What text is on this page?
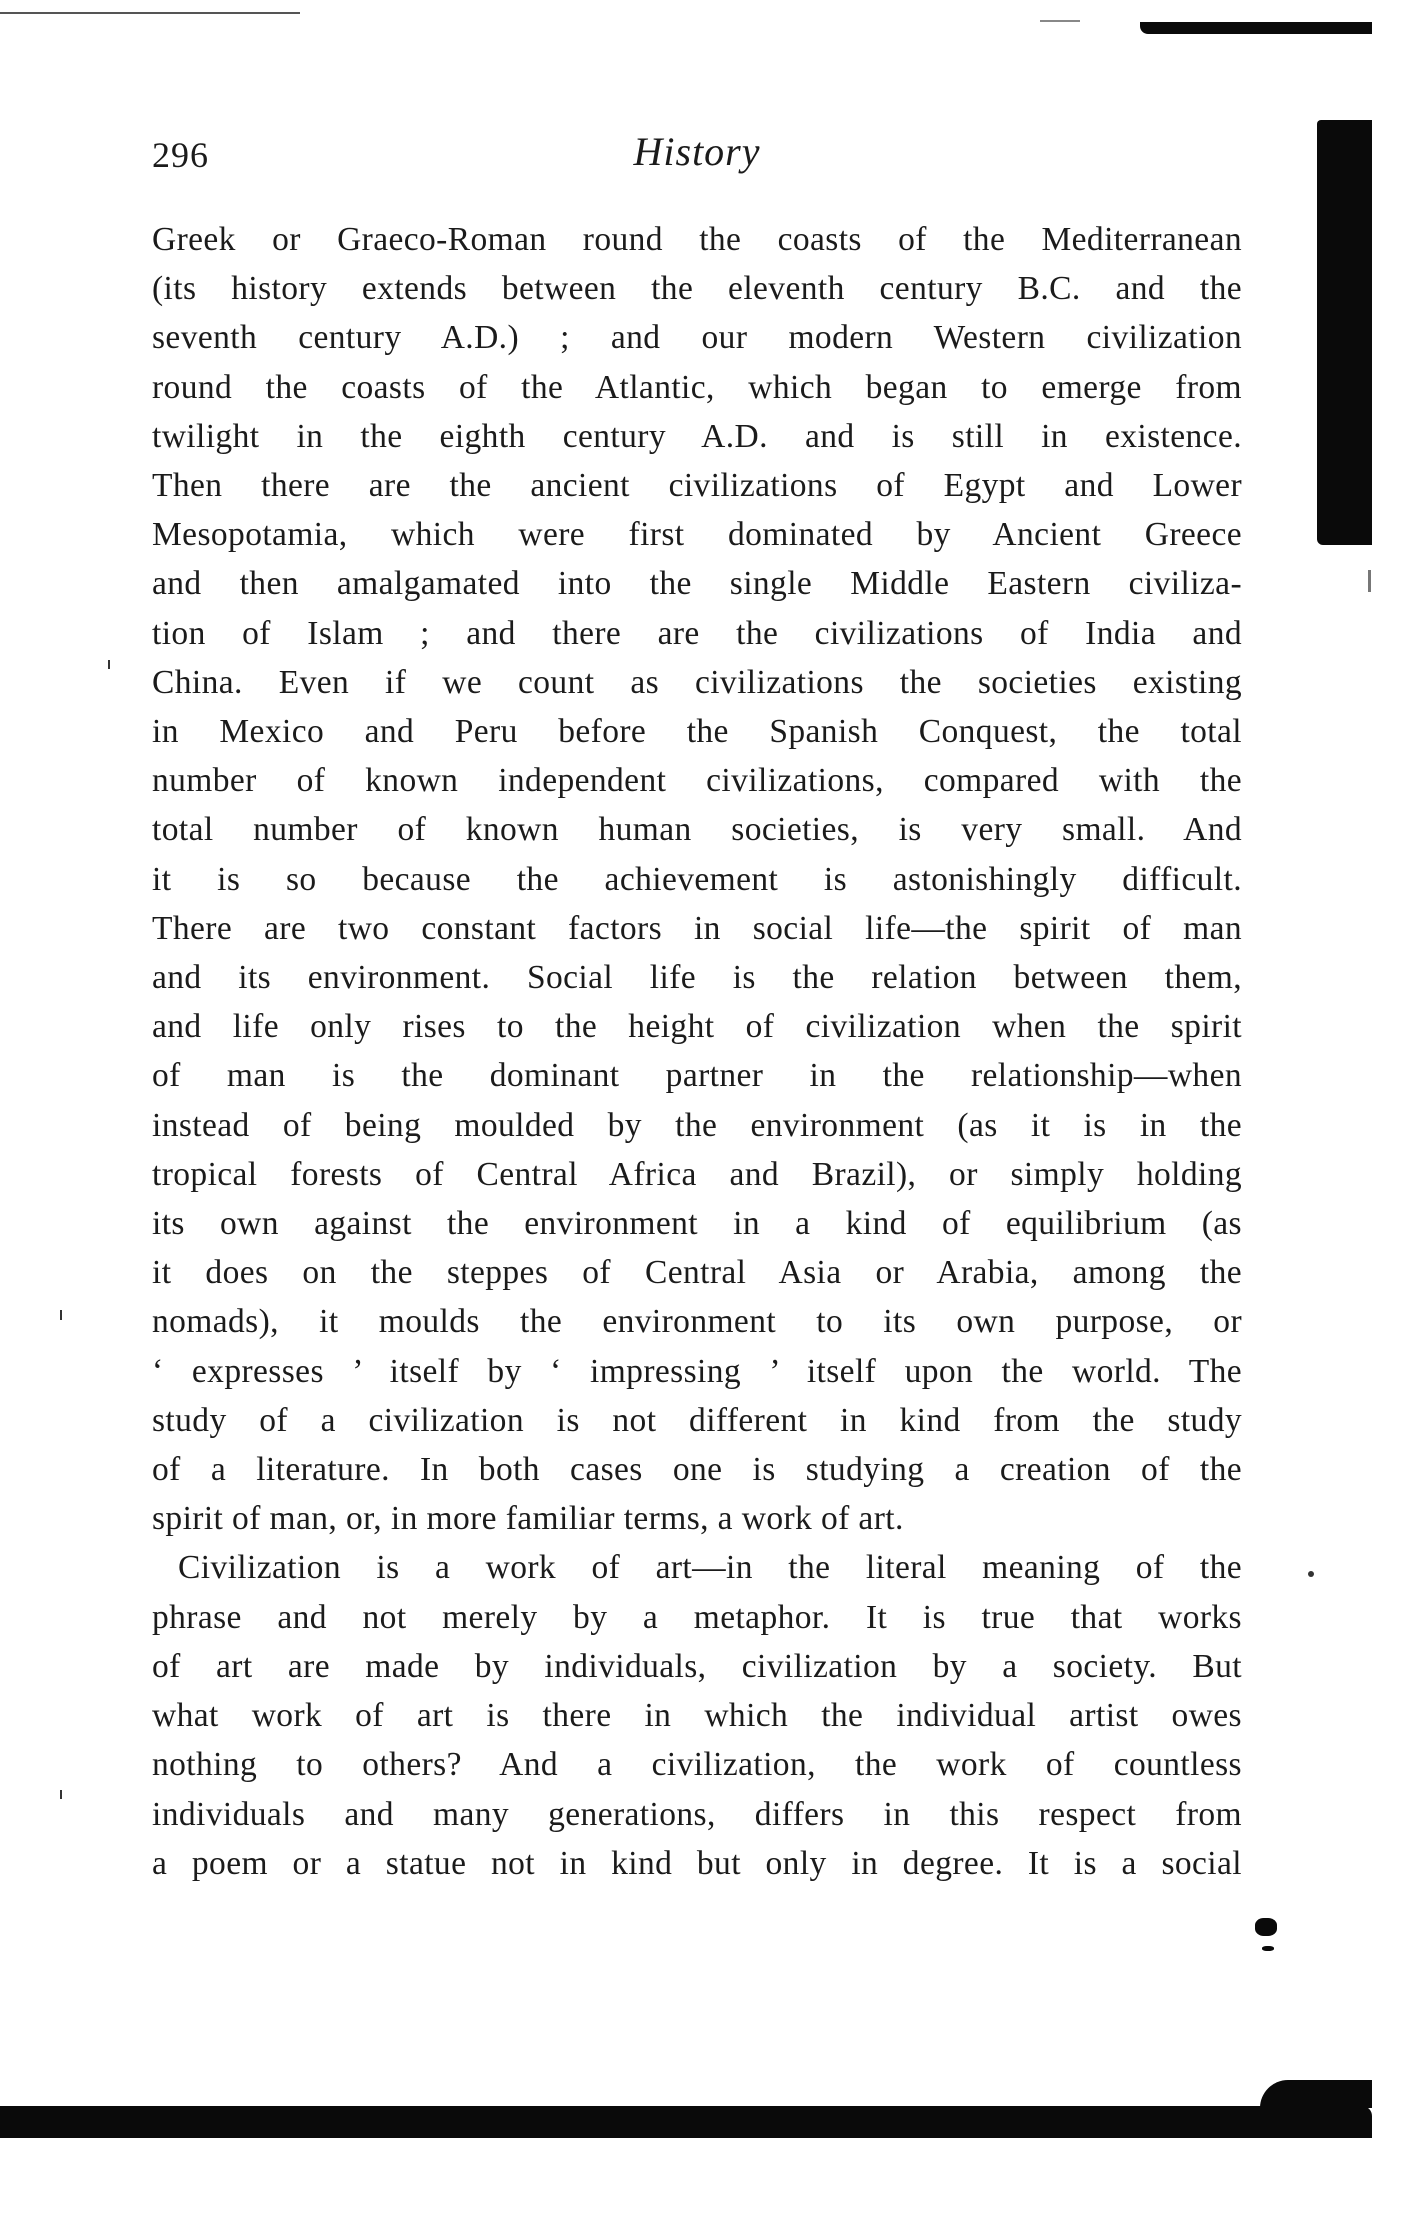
296	History
Greek or Graeco-Roman round the coasts of the Mediterranean
(its history extends between the eleventh century B.C. and the
seventh century A.D.) ; and our modern Western civilization
round the coasts of the Atlantic, which began to emerge from
twilight in the eighth century A.D. and is still in existence.
Then there are the ancient civilizations of Egypt and Lower
Mesopotamia, which were first dominated by Ancient Greece
and then amalgamated into the single Middle Eastern civiliza-
tion of Islam ; and there are the civilizations of India and
China. Even if we count as civilizations the societies existing
in Mexico and Peru before the Spanish Conquest, the total
number of known independent civilizations, compared with the
total number of known human societies, is very small. And
it is so because the achievement is astonishingly difficult.
There are two constant factors in social life—the spirit of man
and its environment. Social life is the relation between them,
and life only rises to the height of civilization when the spirit
of man is the dominant partner in the relationship—when
instead of being moulded by the environment (as it is in the
tropical forests of Central Africa and Brazil), or simply holding
its own against the environment in a kind of equilibrium (as
it does on the steppes of Central Asia or Arabia, among the
nomads), it moulds the environment to its own purpose, or
‘ expresses ’ itself by ‘ impressing ’ itself upon the world. The
study of a civilization is not different in kind from the study
of a literature. In both cases one is studying a creation of the
spirit of man, or, in more familiar terms, a work of art.
Civilization is a work of art—in the literal meaning of the
phrase and not merely by a metaphor. It is true that works
of art are made by individuals, civilization by a society. But
what work of art is there in which the individual artist owes
nothing to others? And a civilization, the work of countless
individuals and many generations, differs in this respect from
a poem or a statue not in kind but only in degree. It is a social
